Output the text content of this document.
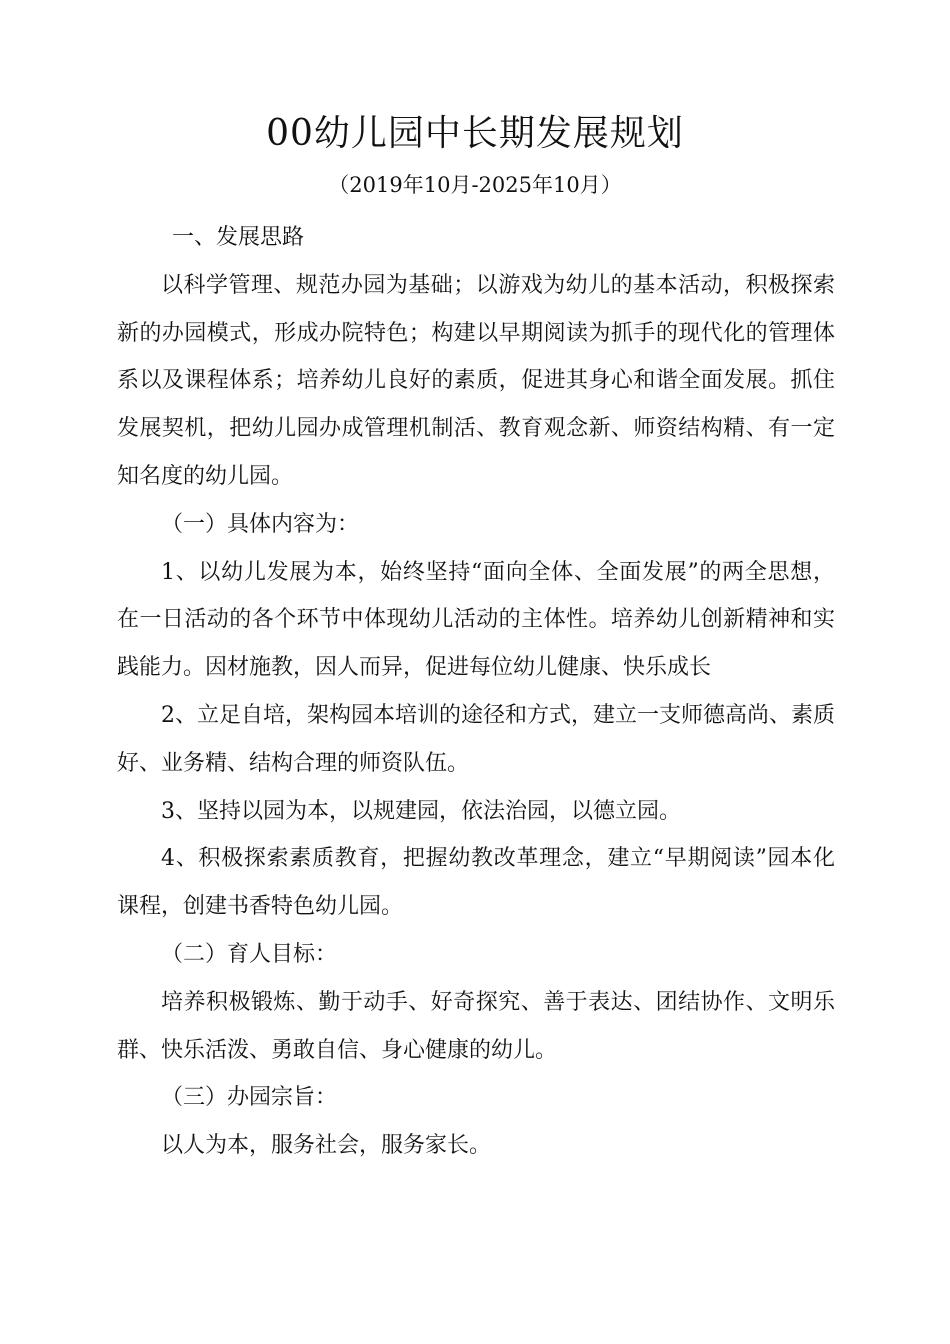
00幼儿园中长期发展规划
（2019年10月-2025年10月）

一、发展思路

以科学管理、规范办园为基础；以游戏为幼儿的基本活动，积极探索新的办园模式，形成办院特色；构建以早期阅读为抓手的现代化的管理体系以及课程体系；培养幼儿良好的素质，促进其身心和谐全面发展。抓住发展契机，把幼儿园办成管理机制活、教育观念新、师资结构精、有一定知名度的幼儿园。

（一）具体内容为：

1、以幼儿发展为本，始终坚持“面向全体、全面发展”的两全思想，在一日活动的各个环节中体现幼儿活动的主体性。培养幼儿创新精神和实践能力。因材施教，因人而异，促进每位幼儿健康、快乐成长

2、立足自培，架构园本培训的途径和方式，建立一支师德高尚、素质好、业务精、结构合理的师资队伍。

3、坚持以园为本，以规建园，依法治园，以德立园。

4、积极探索素质教育，把握幼教改革理念，建立“早期阅读”园本化课程，创建书香特色幼儿园。

（二）育人目标：

培养积极锻炼、勤于动手、好奇探究、善于表达、团结协作、文明乐群、快乐活泼、勇敢自信、身心健康的幼儿。

（三）办园宗旨：

以人为本，服务社会，服务家长。
